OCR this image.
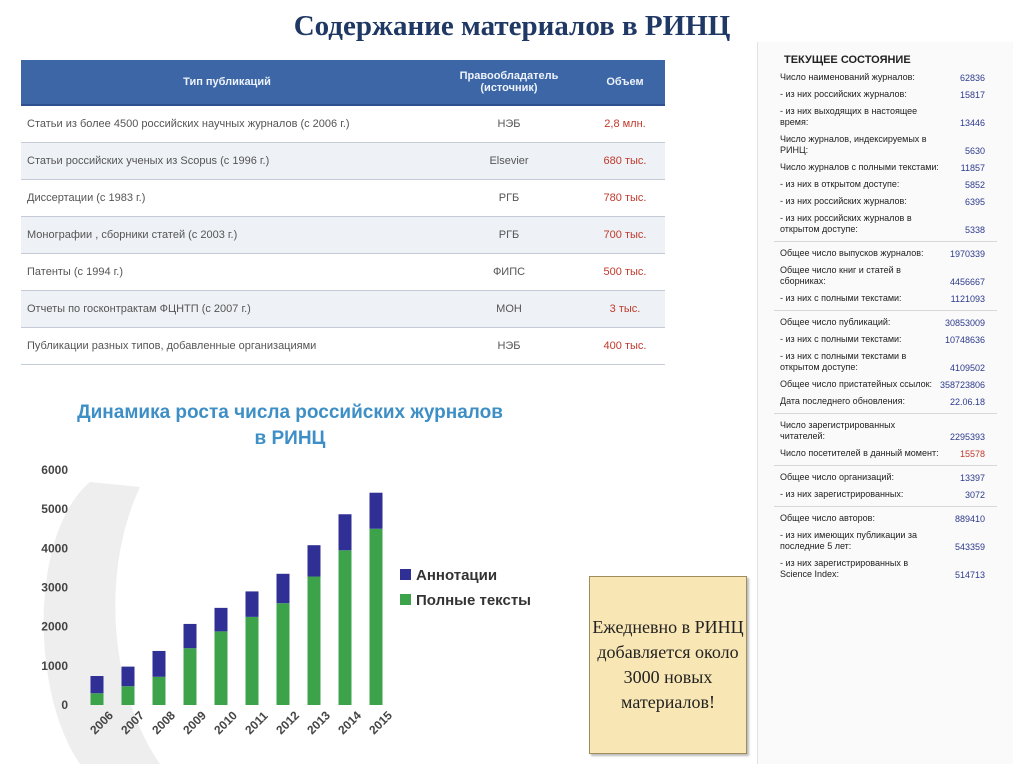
Содержание материалов в РИНЦ
Тип публикаций	Правообладатель (источник)	Объем
Статьи из более 4500 российских научных журналов (с 2006 г.)	НЭБ	2,8 млн.
Статьи российских ученых из Scopus (с 1996 г.)	Elsevier	680 тыс.
Диссертации (с 1983 г.)	РГБ	780 тыс.
Монографии , сборники статей (с 2003 г.)	РГБ	700 тыс.
Патенты (с 1994 г.)	ФИПС	500 тыс.
Отчеты по госконтрактам ФЦНТП (с 2007 г.)	МОН	3 тыс.
Публикации разных типов, добавленные организациями	НЭБ	400 тыс.
Динамика роста числа российских журналов
в РИНЦ
0
1000
2000
3000
4000
5000
6000
2006 2007 2008 2009 2010 2011 2012 2013 2014 2015
Аннотации
Полные тексты
Ежедневно в РИНЦ добавляется около 3000 новых материалов!
ТЕКУЩЕЕ СОСТОЯНИЕ
Число наименований журналов:	62836
- из них российских журналов:	15817
- из них выходящих в настоящее время:	13446
Число журналов, индексируемых в РИНЦ:	5630
Число журналов с полными текстами: 11857
- из них в открытом доступе:	5852
- из них российских журналов:	6395
- из них российских журналов в открытом доступе:	5338
Общее число выпусков журналов:	1970339
Общее число книг и статей в сборниках:	4456667
- из них с полными текстами:	1121093
Общее число публикаций:	30853009
- из них с полными текстами:	10748636
- из них с полными текстами в открытом доступе:	4109502
Общее число пристатейных ссылок: 358723806
Дата последнего обновления:	22.06.18
Число зарегистрированных читателей:	2295393
Число посетителей в данный момент: 15578
Общее число организаций:	13397
- из них зарегистрированных:	3072
Общее число авторов:	889410
- из них имеющих публикации за последние 5 лет:	543359
- из них зарегистрированных в Science Index:	514713
